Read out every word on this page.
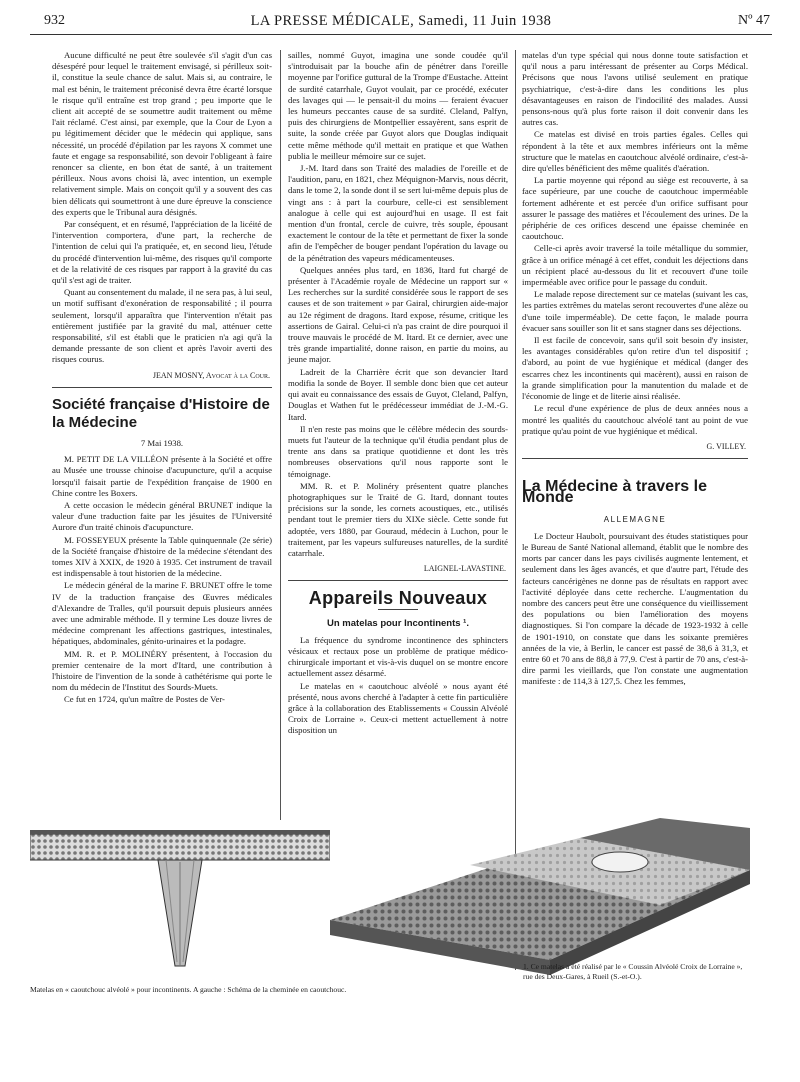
932	LA PRESSE MÉDICALE, Samedi, 11 Juin 1938	Nº 47

Aucune difficulté ne peut être soulevée s'il s'agit d'un cas désespéré pour lequel le traitement envisagé, si périlleux soit-il, constitue la seule chance de salut. Mais si, au contraire, le mal est bénin, le traitement préconisé devra être écarté lorsque le risque qu'il entraîne est trop grand ; peu importe que le client ait accepté de se soumettre audit traitement ou même l'ait réclamé. C'est ainsi, par exemple, que la Cour de Lyon a pu légitimement décider que le médecin qui applique, sans nécessité, un procédé d'épilation par les rayons X commet une faute et engage sa responsabilité, son devoir l'obligeant à faire renoncer sa cliente, en bon état de santé, à un traitement périlleux. Nous avons choisi là, avec intention, un exemple relativement simple. Mais on conçoit qu'il y a souvent des cas bien délicats qui soumettront à une dure épreuve la conscience des experts que le Tribunal aura désignés.

Par conséquent, et en résumé, l'appréciation de la licéité de l'intervention comportera, d'une part, la recherche de l'intention de celui qui l'a pratiquée, et, en second lieu, l'étude du procédé d'intervention lui-même, des risques qu'il comporte et de la relativité de ces risques par rapport à la gravité du cas qu'il s'est agi de traiter.

Quant au consentement du malade, il ne sera pas, à lui seul, un motif suffisant d'exonération de responsabilité ; il pourra seulement, lorsqu'il apparaîtra que l'intervention n'était pas entièrement justifiée par la gravité du mal, atténuer cette responsabilité, s'il est établi que le praticien n'a agi qu'à la demande pressante de son client et après l'avoir averti des risques courus.

JEAN MOSNY, Avocat à la Cour.
Société française d'Histoire de la Médecine
7 Mai 1938.

M. PETIT DE LA VILLÉON présente à la Société et offre au Musée une trousse chinoise d'acupuncture, qu'il a acquise lorsqu'il faisait partie de l'expédition française de 1900 en Chine contre les Boxers.

A cette occasion le médecin général BRUNET indique la valeur d'une traduction faite par les jésuites de l'Université Aurore d'un traité chinois d'acupuncture.

M. FOSSEYEUX présente la Table quinquennale (2e série) de la Société française d'histoire de la médecine s'étendant des tomes XIV à XXIX, de 1920 à 1935. Cet instrument de travail est indispensable à tout historien de la médecine.

Le médecin général de la marine F. BRUNET offre le tome IV de la traduction française des Œuvres médicales d'Alexandre de Tralles, qu'il poursuit depuis plusieurs années avec une admirable méthode. Il y termine Les douze livres de médecine comprenant les affections gastriques, intestinales, hépatiques, abdominales, génito-urinaires et la podagre.

MM. R. et P. MOLINÉRY présentent, à l'occasion du premier centenaire de la mort d'Itard, une contribution à l'histoire de l'invention de la sonde à cathétérisme qui porte le nom du médecin de l'Institut des Sourds-Muets.

Ce fut en 1724, qu'un maître de Postes de Ver-

sailles, nommé Guyot, imagina une sonde coudée qu'il s'introduisait par la bouche afin de pénétrer dans l'oreille moyenne par l'orifice guttural de la Trompe d'Eustache. Atteint de surdité catarrhale, Guyot voulait, par ce procédé, exécuter des lavages qui — le pensait-il du moins — feraient évacuer les humeurs peccantes cause de sa surdité. Cleland, Palfyn, puis des chirurgiens de Montpellier essayèrent, sans esprit de suite, la sonde créée par Guyot alors que Douglas indiquait cette même méthode qu'il mettait en pratique et que Wathen publia le meilleur mémoire sur ce sujet.

J.-M. Itard dans son Traité des maladies de l'oreille et de l'audition, paru, en 1821, chez Méquignon-Marvis, nous décrit, dans le tome 2, la sonde dont il se sert lui-même depuis plus de vingt ans : à part la courbure, celle-ci est sensiblement analogue à celle qui est aujourd'hui en usage. Il est fait mention d'un frontal, cercle de cuivre, très souple, épousant exactement le contour de la tête et permettant de fixer la sonde afin de l'empêcher de bouger pendant l'opération du lavage ou de la pénétration des vapeurs médicamenteuses.

Quelques années plus tard, en 1836, Itard fut chargé de présenter à l'Académie royale de Médecine un rapport sur « Les recherches sur la surdité considérée sous le rapport de ses causes et de son traitement » par Gairal, chirurgien aide-major au 12e régiment de dragons. Itard expose, résume, critique les assertions de Gairal. Celui-ci n'a pas craint de dire pourquoi il trouve mauvais le procédé de M. Itard. Et ce dernier, avec une très grande impartialité, donne raison, en partie du moins, au jeune major.

Ladreit de la Charrière écrit que son devancier Itard modifia la sonde de Boyer. Il semble donc bien que cet auteur qui avait eu connaissance des essais de Guyot, Cleland, Palfyn, Douglas et Wathen fut le prédécesseur immédiat de J.-M.-G. Itard.

Il n'en reste pas moins que le célèbre médecin des sourds-muets fut l'auteur de la technique qu'il étudia pendant plus de trente ans dans sa pratique quotidienne et dont les très nombreuses observations qu'il nous rapporte sont le témoignage.

MM. R. et P. Molinéry présentent quatre planches photographiques sur le Traité de G. Itard, donnant toutes précisions sur la sonde, les cornets acoustiques, etc., utilisés pendant tout le premier tiers du XIXe siècle. Cette sonde fut adoptée, vers 1880, par Gouraud, médecin à Luchon, pour le traitement, par les vapeurs sulfureuses naturelles, de la surdité catarrhale.

LAIGNEL-LAVASTINE.
Appareils Nouveaux
Un matelas pour Incontinents ¹.

La fréquence du syndrome incontinence des sphincters vésicaux et rectaux pose un problème de pratique médico-chirurgicale important et vis-à-vis duquel on se montre encore actuellement assez désarmé.

Le matelas en « caoutchouc alvéolé » nous ayant été présenté, nous avons cherché à l'adapter à cette fin particulière grâce à la collaboration des Etablissements « Coussin Alvéolé Croix de Lorraine ». Ceux-ci mettent actuellement à notre disposition un

matelas d'un type spécial qui nous donne toute satisfaction et qu'il nous a paru intéressant de présenter au Corps Médical. Précisons que nous l'avons utilisé seulement en pratique psychiatrique, c'est-à-dire dans les conditions les plus désavantageuses en raison de l'indocilité des malades. Aussi pensons-nous qu'à plus forte raison il doit convenir dans les autres cas.

Ce matelas est divisé en trois parties égales. Celles qui répondent à la tête et aux membres inférieurs ont la même structure que le matelas en caoutchouc alvéolé ordinaire, c'est-à-dire qu'elles bénéficient des même qualités d'aération.

La partie moyenne qui répond au siège est recouverte, à sa face supérieure, par une couche de caoutchouc imperméable fortement adhérente et est percée d'un orifice suffisant pour assurer le passage des matières et l'écoulement des urines. De la périphérie de ces orifices descend une épaisse cheminée en caoutchouc.

Celle-ci après avoir traversé la toile métallique du sommier, grâce à un orifice ménagé à cet effet, conduit les déjections dans un récipient placé au-dessous du lit et recouvert d'une toile imperméable avec orifice pour le passage du conduit.

Le malade repose directement sur ce matelas (suivant les cas, les parties extrêmes du matelas seront recouvertes d'une alèze ou d'une toile imperméable). De cette façon, le malade pourra évacuer sans souiller son lit et sans stagner dans ses déjections.

Il est facile de concevoir, sans qu'il soit besoin d'y insister, les avantages considérables qu'on retire d'un tel dispositif ; d'abord, au point de vue hygiénique et médical (danger des escarres chez les incontinents qui macèrent), aussi en raison de la grande simplification pour la manutention du malade et de l'économie de linge et de literie ainsi réalisée.

Le recul d'une expérience de plus de deux années nous a montré les qualités du caoutchouc alvéolé tant au point de vue pratique qu'au point de vue hygiénique et médical.

G. VILLEY.
La Médecine à travers le Monde
ALLEMAGNE

Le Docteur Haubolt, poursuivant des études statistiques pour le Bureau de Santé National allemand, établit que le nombre des morts par cancer dans les pays civilisés augmente lentement, et seulement dans les âges avancés, et que d'autre part, l'étude des facteurs cancérigènes ne donne pas de résultats en rapport avec l'activité déployée dans cette recherche. L'augmentation du nombre des cancers peut être une conséquence du vieillissement des populations ou bien l'amélioration des moyens diagnostiques. Si l'on compare la décade de 1923-1932 à celle de 1901-1910, on constate que dans les soixante premières années de la vie, à Berlin, le cancer est passé de 38,6 à 31,3, et entre 60 et 70 ans de 88,8 à 77,9. C'est à partir de 70 ans, c'est-à-dire parmi les vieillards, que l'on constate une augmentation manifeste : de 114,3 à 127,5. Chez les femmes,

Matelas en « caoutchouc alvéolé » pour incontinents. A gauche : Schéma de la cheminée en caoutchouc.
1. Ce matelas a été réalisé par le « Coussin Alvéolé Croix de Lorraine », rue des Deux-Gares, à Rueil (S.-et-O.).
